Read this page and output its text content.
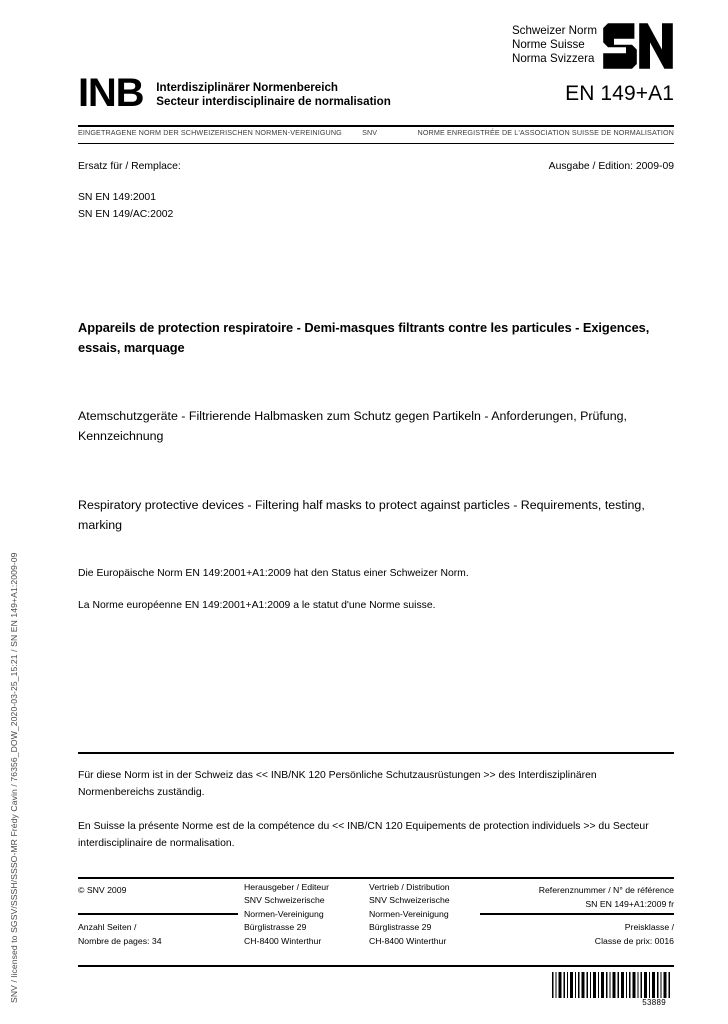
SNV / licensed to SGSV/SSSH/SSSO-MR Frédy Cavin / 76356_DOW_2020-03-25_15:21 / SN EN 149+A1:2009-09
Schweizer Norm
Norme Suisse
Norma Svizzera
INB Interdisziplinärer Normenbereich
Secteur interdisciplinaire de normalisation	EN 149+A1
EINGETRAGENE NORM DER SCHWEIZERISCHEN NORMEN-VEREINIGUNG	SNV	NORME ENREGISTRÉE DE L'ASSOCIATION SUISSE DE NORMALISATION
Ersatz für / Remplace:	Ausgabe / Edition: 2009-09
SN EN 149:2001
SN EN 149/AC:2002
Appareils de protection respiratoire - Demi-masques filtrants contre les particules - Exigences, essais, marquage
Atemschutzgeräte - Filtrierende Halbmasken zum Schutz gegen Partikeln - Anforderungen, Prüfung, Kennzeichnung
Respiratory protective devices - Filtering half masks to protect against particles - Requirements, testing, marking
Die Europäische Norm EN 149:2001+A1:2009 hat den Status einer Schweizer Norm.
La Norme européenne EN 149:2001+A1:2009 a le statut d'une Norme suisse.
Für diese Norm ist in der Schweiz das << INB/NK 120 Persönliche Schutzausrüstungen >> des Interdisziplinären Normenbereichs zuständig.
En Suisse la présente Norme est de la compétence du << INB/CN 120 Equipements de protection individuels >> du Secteur interdisciplinaire de normalisation.
© SNV 2009
Anzahl Seiten /
Nombre de pages: 34
Herausgeber / Editeur
SNV Schweizerische
Normen-Vereinigung
Bürglistrasse 29
CH-8400 Winterthur
Vertrieb / Distribution
SNV Schweizerische
Normen-Vereinigung
Bürglistrasse 29
CH-8400 Winterthur
Referenznummer / N° de référence
SN EN 149+A1:2009 fr
Preisklasse /
Classe de prix: 0016
53889
